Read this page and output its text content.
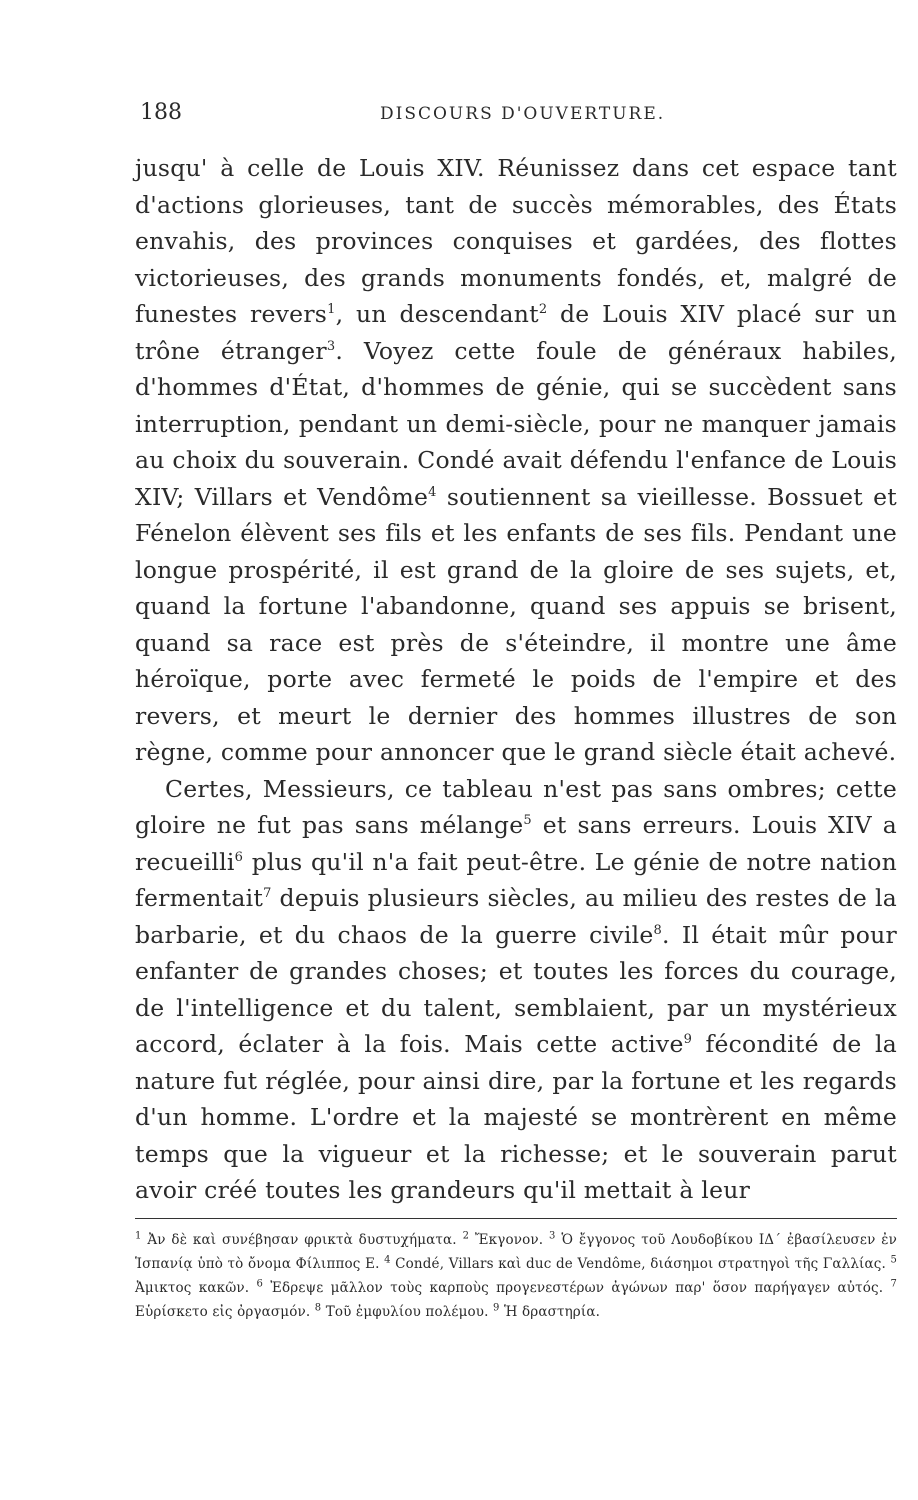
188	DISCOURS D'OUVERTURE.

jusqu' à celle de Louis XIV. Réunissez dans cet espace tant d'actions glorieuses, tant de succès mémorables, des États envahis, des provinces conquises et gardées, des flottes victorieuses, des grands monuments fondés, et, malgré de funestes revers$^1$, un descendant$^2$ de Louis XIV placé sur un trône étranger$^3$. Voyez cette foule de généraux habiles, d'hommes d'État, d'hommes de génie, qui se succèdent sans interruption, pendant un demi-siècle, pour ne manquer jamais au choix du souverain. Condé avait défendu l'enfance de Louis XIV; Villars et Vendôme$^4$ soutiennent sa vieillesse. Bossuet et Fénelon élèvent ses fils et les enfants de ses fils. Pendant une longue prospérité, il est grand de la gloire de ses sujets, et, quand la fortune l'abandonne, quand ses appuis se brisent, quand sa race est près de s'éteindre, il montre une âme héroïque, porte avec fermeté le poids de l'empire et des revers, et meurt le dernier des hommes illustres de son règne, comme pour annoncer que le grand siècle était achevé.

Certes, Messieurs, ce tableau n'est pas sans ombres; cette gloire ne fut pas sans mélange$^5$ et sans erreurs. Louis XIV a recueilli$^6$ plus qu'il n'a fait peut-être. Le génie de notre nation fermentait$^7$ depuis plusieurs siècles, au milieu des restes de la barbarie, et du chaos de la guerre civile$^8$. Il était mûr pour enfanter de grandes choses; et toutes les forces du courage, de l'intelligence et du talent, semblaient, par un mystérieux accord, éclater à la fois. Mais cette active$^9$ fécondité de la nature fut réglée, pour ainsi dire, par la fortune et les regards d'un homme. L'ordre et la majesté se montrèrent en même temps que la vigueur et la richesse; et le souverain parut avoir créé toutes les grandeurs qu'il mettait à leur

$^1$ Ἀν δὲ καὶ συνέβησαν φρικτὰ δυστυχήματα. $^2$ Ἔκγονον. $^3$ Ὁ ἔγγονος τοῦ Λουδοβίκου ΙΔ´ ἐβασίλευσεν ἐν Ἱσπανίᾳ ὑπὸ τὸ ὄνομα Φίλιππος Ε. $^4$ Condé, Villars καὶ duc de Vendôme, διάσημοι στρατηγοὶ τῆς Γαλλίας. $^5$ Ἀμικτος κακῶν. $^6$ Ἐδρεψε μᾶλλον τοὺς καρποὺς προγενεστέρων ἀγώνων παρ' ὅσον παρήγαγεν αὐτός. $^7$ Εὑρίσκετο εἰς ὀργασμόν. $^8$ Τοῦ ἐμφυλίου πολέμου. $^9$ Ἡ δραστηρία.
